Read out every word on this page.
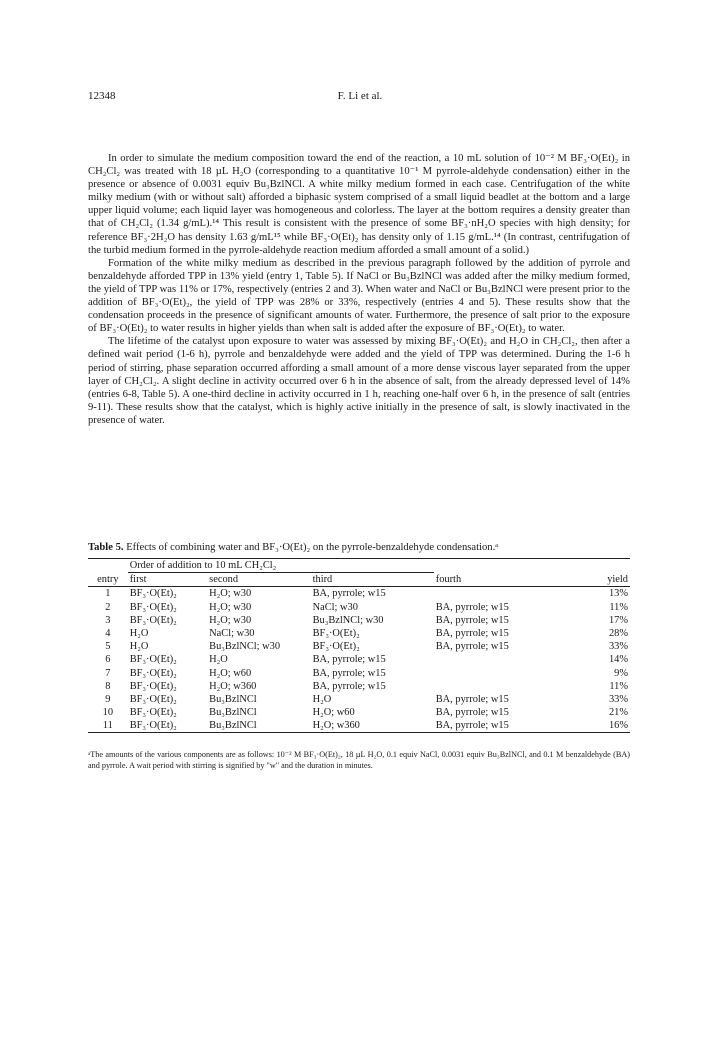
12348	F. Li et al.

In order to simulate the medium composition toward the end of the reaction, a 10 mL solution of 10⁻² M BF₃·O(Et)₂ in CH₂Cl₂ was treated with 18 µL H₂O (corresponding to a quantitative 10⁻¹ M pyrrole-aldehyde condensation) either in the presence or absence of 0.0031 equiv Bu₃BzlNCl. A white milky medium formed in each case. Centrifugation of the white milky medium (with or without salt) afforded a biphasic system comprised of a small liquid beadlet at the bottom and a large upper liquid volume; each liquid layer was homogeneous and colorless. The layer at the bottom requires a density greater than that of CH₂Cl₂ (1.34 g/mL).¹⁴ This result is consistent with the presence of some BF₃·nH₂O species with high density; for reference BF₃·2H₂O has density 1.63 g/mL¹⁵ while BF₃·O(Et)₂ has density only of 1.15 g/mL.¹⁴ (In contrast, centrifugation of the turbid medium formed in the pyrrole-aldehyde reaction medium afforded a small amount of a solid.)

Formation of the white milky medium as described in the previous paragraph followed by the addition of pyrrole and benzaldehyde afforded TPP in 13% yield (entry 1, Table 5). If NaCl or Bu₃BzlNCl was added after the milky medium formed, the yield of TPP was 11% or 17%, respectively (entries 2 and 3). When water and NaCl or Bu₃BzlNCl were present prior to the addition of BF₃·O(Et)₂, the yield of TPP was 28% or 33%, respectively (entries 4 and 5). These results show that the condensation proceeds in the presence of significant amounts of water. Furthermore, the presence of salt prior to the exposure of BF₃·O(Et)₂ to water results in higher yields than when salt is added after the exposure of BF₃·O(Et)₂ to water.

The lifetime of the catalyst upon exposure to water was assessed by mixing BF₃·O(Et)₂ and H₂O in CH₂Cl₂, then after a defined wait period (1-6 h), pyrrole and benzaldehyde were added and the yield of TPP was determined. During the 1-6 h period of stirring, phase separation occurred affording a small amount of a more dense viscous layer separated from the upper layer of CH₂Cl₂. A slight decline in activity occurred over 6 h in the absence of salt, from the already depressed level of 14% (entries 6-8, Table 5). A one-third decline in activity occurred in 1 h, reaching one-half over 6 h, in the presence of salt (entries 9-11). These results show that the catalyst, which is highly active initially in the presence of salt, is slowly inactivated in the presence of water.

Table 5. Effects of combining water and BF₃·O(Et)₂ on the pyrrole-benzaldehyde condensation.ᵃ
	Order of addition to 10 mL CH₂Cl₂				
entry	first	second	third	fourth	yield
1	BF₃·O(Et)₂	H₂O; w30	BA, pyrrole; w15		13%
2	BF₃·O(Et)₂	H₂O; w30	NaCl; w30	BA, pyrrole; w15	11%
3	BF₃·O(Et)₂	H₂O; w30	Bu₃BzlNCl; w30	BA, pyrrole; w15	17%
4	H₂O	NaCl; w30	BF₃·O(Et)₂	BA, pyrrole; w15	28%
5	H₂O	Bu₃BzlNCl; w30	BF₃·O(Et)₂	BA, pyrrole; w15	33%
6	BF₃·O(Et)₂	H₂O	BA, pyrrole; w15		14%
7	BF₃·O(Et)₂	H₂O; w60	BA, pyrrole; w15		9%
8	BF₃·O(Et)₂	H₂O; w360	BA, pyrrole; w15		11%
9	BF₃·O(Et)₂	Bu₃BzlNCl	H₂O	BA, pyrrole; w15	33%
10	BF₃·O(Et)₂	Bu₃BzlNCl	H₂O; w60	BA, pyrrole; w15	21%
11	BF₃·O(Et)₂	Bu₃BzlNCl	H₂O; w360	BA, pyrrole; w15	16%
ᵃThe amounts of the various components are as follows: 10⁻² M BF₃·O(Et)₂, 18 µL H₂O, 0.1 equiv NaCl, 0.0031 equiv Bu₃BzlNCl, and 0.1 M benzaldehyde (BA) and pyrrole. A wait period with stirring is signified by "w" and the duration in minutes.
